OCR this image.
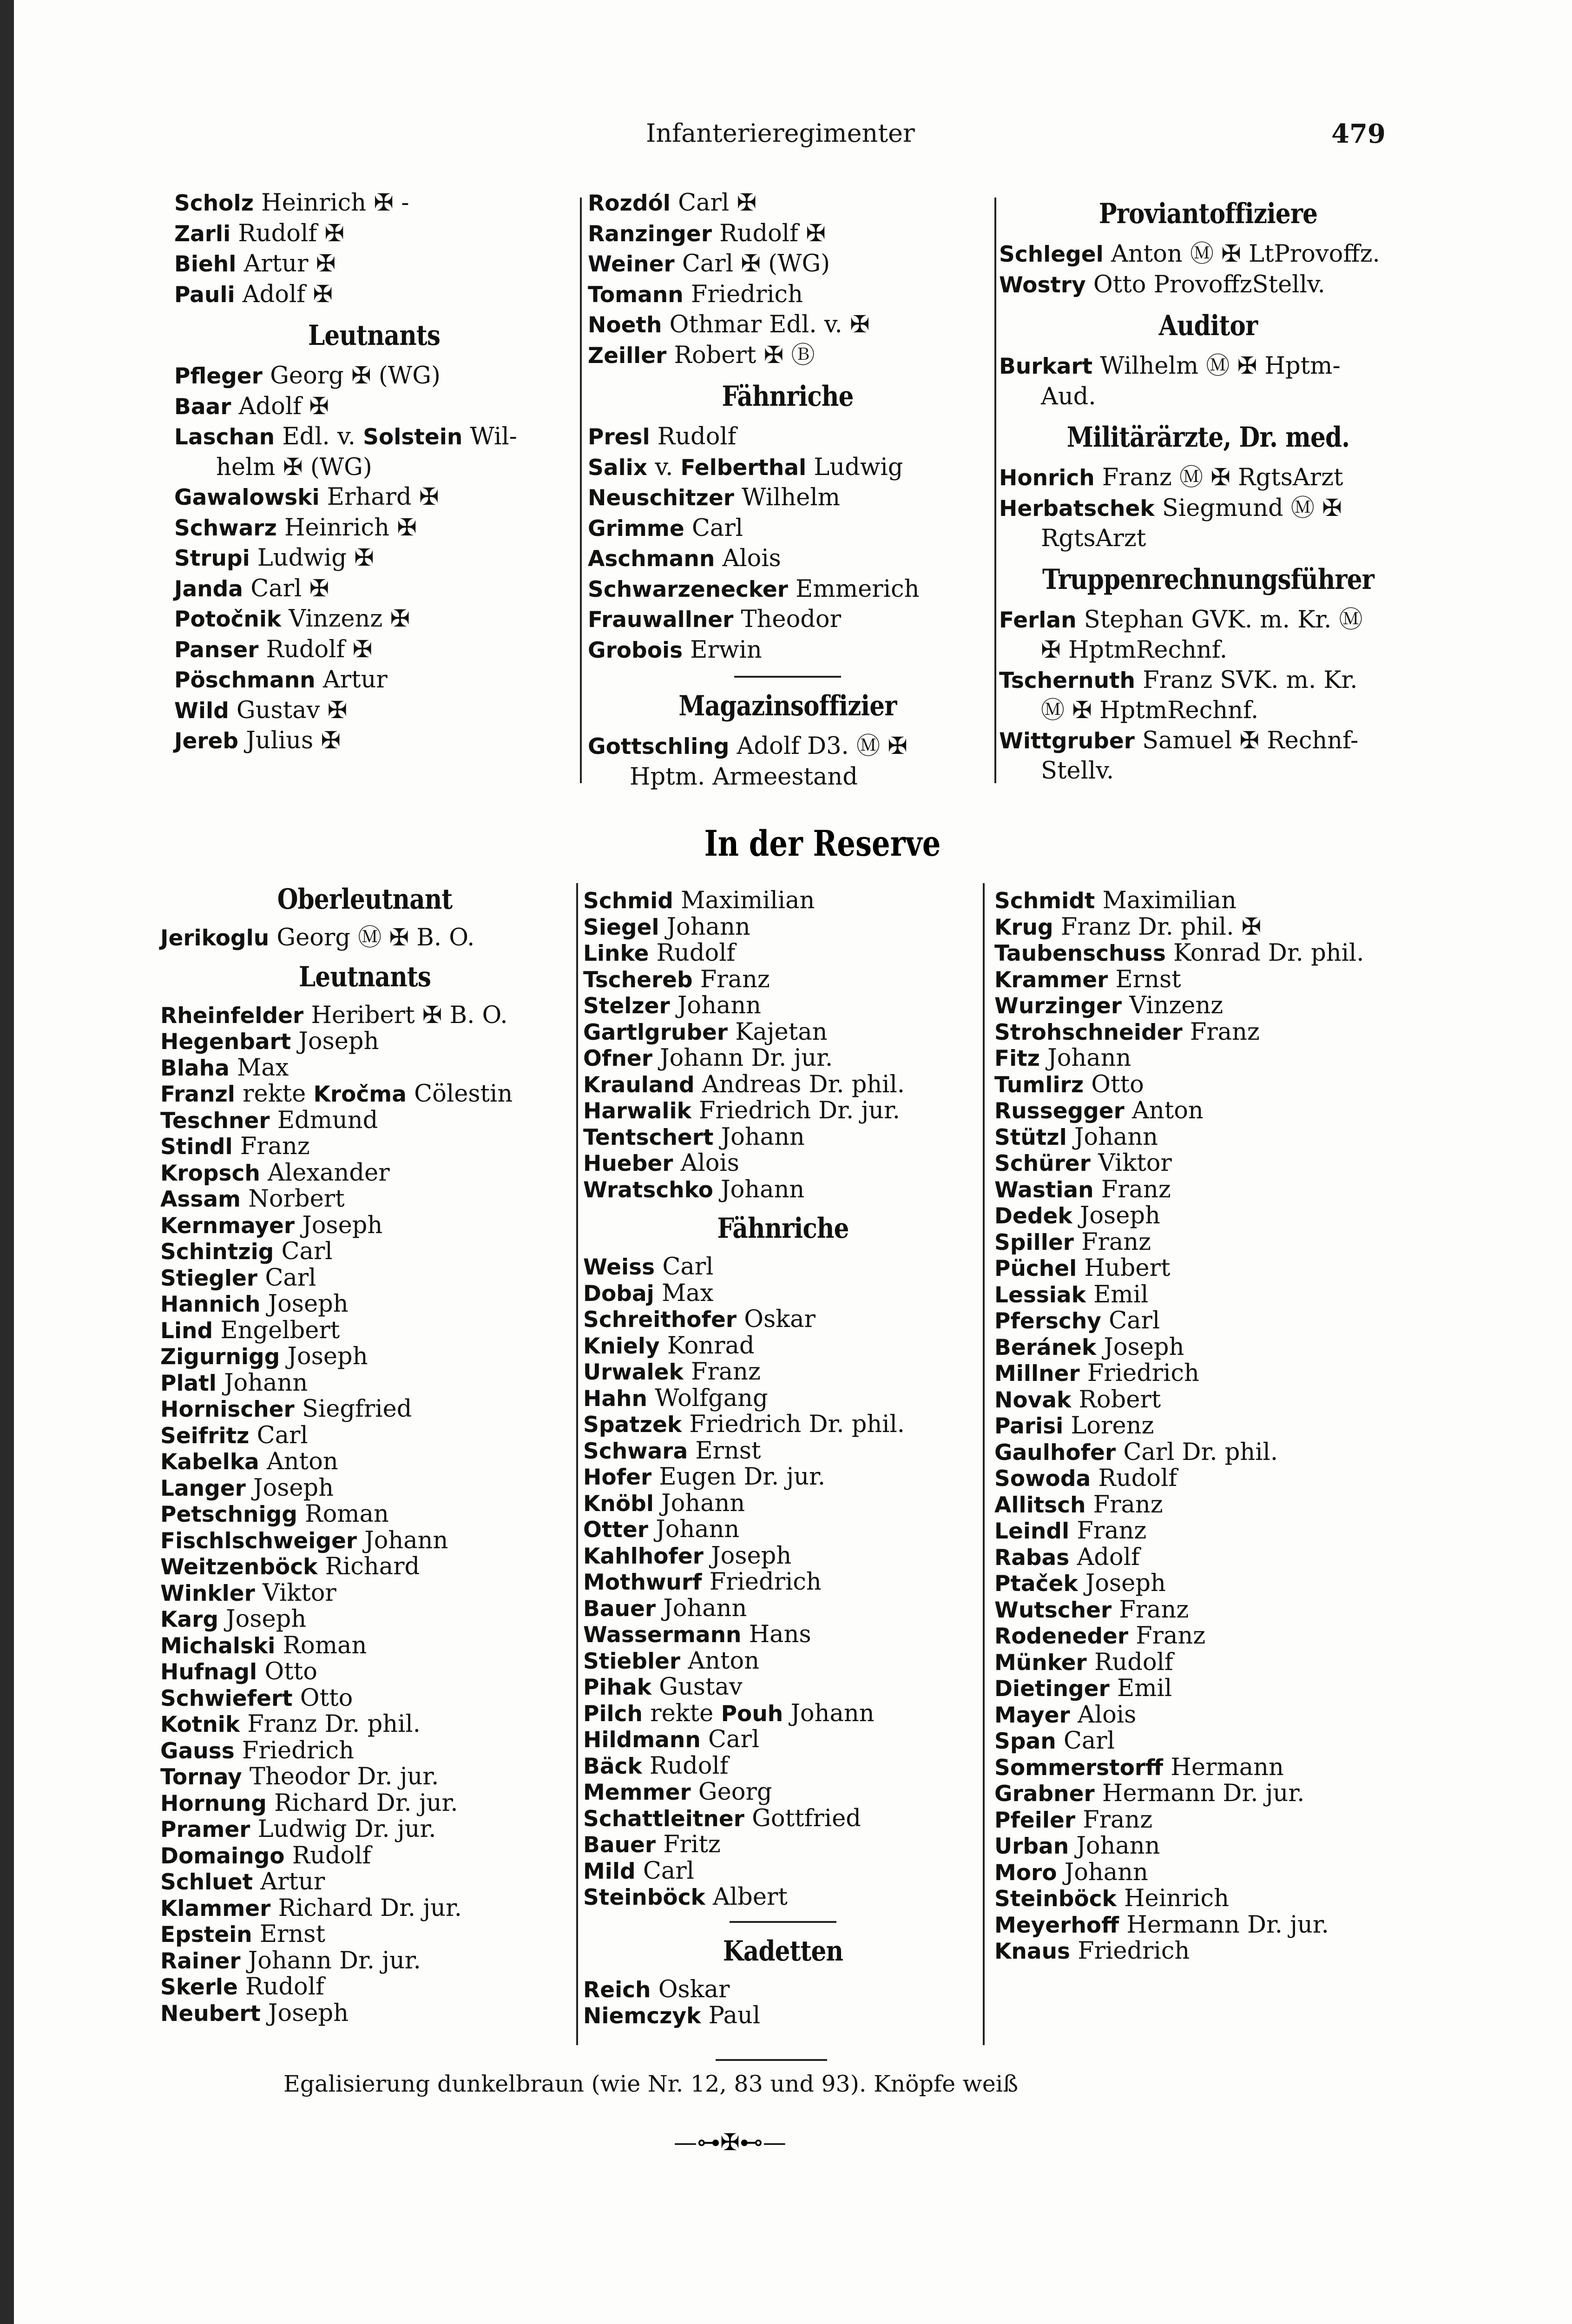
Infanterieregimenter	479
Scholz Heinrich ✠ -
Zarli Rudolf ✠
Biehl Artur ✠
Pauli Adolf ✠
Leutnants
Pfleger Georg ✠ (WG)
Baar Adolf ✠
Laschan Edl. v. Solstein Wil-
helm ✠ (WG)
Gawalowski Erhard ✠
Schwarz Heinrich ✠
Strupi Ludwig ✠
Janda Carl ✠
Potočnik Vinzenz ✠
Panser Rudolf ✠
Pöschmann Artur
Wild Gustav ✠
Jereb Julius ✠
Rozdól Carl ✠
Ranzinger Rudolf ✠
Weiner Carl ✠ (WG)
Tomann Friedrich
Noeth Othmar Edl. v. ✠
Zeiller Robert ✠ Ⓑ
Fähnriche
Presl Rudolf
Salix v. Felberthal Ludwig
Neuschitzer Wilhelm
Grimme Carl
Aschmann Alois
Schwarzenecker Emmerich
Frauwallner Theodor
Grobois Erwin
Magazinsoffizier
Gottschling Adolf D3. Ⓜ ✠
Hptm. Armeestand
Proviantoffiziere
Schlegel Anton Ⓜ ✠ LtProvoffz.
Wostry Otto ProvoffzStellv.
Auditor
Burkart Wilhelm Ⓜ ✠ Hptm-
Aud.
Militärärzte, Dr. med.
Honrich Franz Ⓜ ✠ RgtsArzt
Herbatschek Siegmund Ⓜ ✠
RgtsArzt
Truppenrechnungsführer
Ferlan Stephan GVK. m. Kr. Ⓜ
✠ HptmRechnf.
Tschernuth Franz SVK. m. Kr.
Ⓜ ✠ HptmRechnf.
Wittgruber Samuel ✠ Rechnf-
Stellv.
In der Reserve
Oberleutnant
Jerikoglu Georg Ⓜ ✠ B. O.
Leutnants
Rheinfelder Heribert ✠ B. O.
Hegenbart Joseph
Blaha Max
Franzl rekte Kročma Cölestin
Teschner Edmund
Stindl Franz
Kropsch Alexander
Assam Norbert
Kernmayer Joseph
Schintzig Carl
Stiegler Carl
Hannich Joseph
Lind Engelbert
Zigurnigg Joseph
Platl Johann
Hornischer Siegfried
Seifritz Carl
Kabelka Anton
Langer Joseph
Petschnigg Roman
Fischlschweiger Johann
Weitzenböck Richard
Winkler Viktor
Karg Joseph
Michalski Roman
Hufnagl Otto
Schwiefert Otto
Kotnik Franz Dr. phil.
Gauss Friedrich
Tornay Theodor Dr. jur.
Hornung Richard Dr. jur.
Pramer Ludwig Dr. jur.
Domaingo Rudolf
Schluet Artur
Klammer Richard Dr. jur.
Epstein Ernst
Rainer Johann Dr. jur.
Skerle Rudolf
Neubert Joseph
Schmid Maximilian
Siegel Johann
Linke Rudolf
Tschereb Franz
Stelzer Johann
Gartlgruber Kajetan
Ofner Johann Dr. jur.
Krauland Andreas Dr. phil.
Harwalik Friedrich Dr. jur.
Tentschert Johann
Hueber Alois
Wratschko Johann
Fähnriche
Weiss Carl
Dobaj Max
Schreithofer Oskar
Kniely Konrad
Urwalek Franz
Hahn Wolfgang
Spatzek Friedrich Dr. phil.
Schwara Ernst
Hofer Eugen Dr. jur.
Knöbl Johann
Otter Johann
Kahlhofer Joseph
Mothwurf Friedrich
Bauer Johann
Wassermann Hans
Stiebler Anton
Pihak Gustav
Pilch rekte Pouh Johann
Hildmann Carl
Bäck Rudolf
Memmer Georg
Schattleitner Gottfried
Bauer Fritz
Mild Carl
Steinböck Albert
Kadetten
Reich Oskar
Niemczyk Paul
Schmidt Maximilian
Krug Franz Dr. phil. ✠
Taubenschuss Konrad Dr. phil.
Krammer Ernst
Wurzinger Vinzenz
Strohschneider Franz
Fitz Johann
Tumlirz Otto
Russegger Anton
Stützl Johann
Schürer Viktor
Wastian Franz
Dedek Joseph
Spiller Franz
Püchel Hubert
Lessiak Emil
Pferschy Carl
Beránek Joseph
Millner Friedrich
Novak Robert
Parisi Lorenz
Gaulhofer Carl Dr. phil.
Sowoda Rudolf
Allitsch Franz
Leindl Franz
Rabas Adolf
Ptaček Joseph
Wutscher Franz
Rodeneder Franz
Münker Rudolf
Dietinger Emil
Mayer Alois
Span Carl
Sommerstorff Hermann
Grabner Hermann Dr. jur.
Pfeiler Franz
Urban Johann
Moro Johann
Steinböck Heinrich
Meyerhoff Hermann Dr. jur.
Knaus Friedrich
Egalisierung dunkelbraun (wie Nr. 12, 83 und 93). Knöpfe weiß
—⊶✠⊷—
